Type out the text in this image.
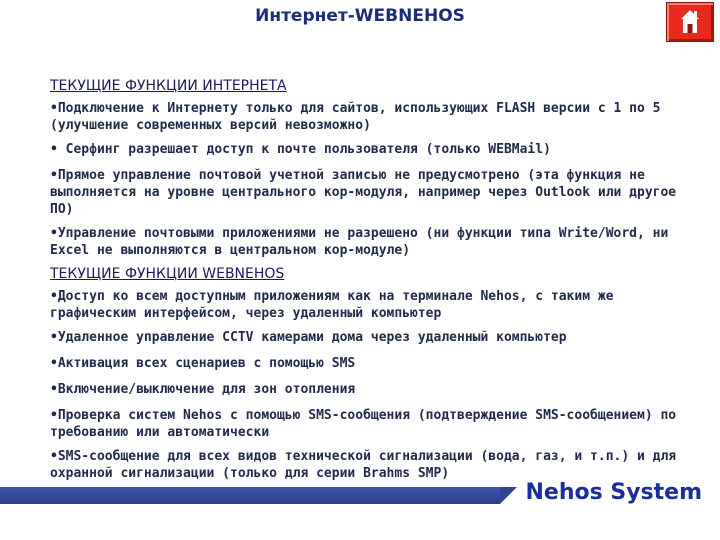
Интернет-WEBNEHOS
ТЕКУЩИЕ ФУНКЦИИ ИНТЕРНЕТА
•Подключение к Интернету только для сайтов, использующих FLASH версии с 1 по 5 (улучшение современных версий невозможно)
• Серфинг разрешает доступ к почте пользователя (только WEBMail)
•Прямое управление почтовой учетной записью не предусмотрено (эта функция не выполняется на уровне центрального кор-модуля, например через Outlook или другое ПО)
•Управление почтовыми приложениями не разрешено (ни функции типа Write/Word, ни Excel не выполняются в центральном кор-модуле)
ТЕКУЩИЕ ФУНКЦИИ WEBNEHOS
•Доступ ко всем доступным приложениям как на терминале Nehos, с таким же графическим интерфейсом, через удаленный компьютер
•Удаленное управление CCTV камерами дома через удаленный компьютер
•Активация всех сценариев с помощью SMS
•Включение/выключение для зон отопления
•Проверка систем Nehos с помощью SMS-сообщения (подтверждение SMS-сообщением) по требованию или автоматически
•SMS-сообщение для всех видов технической сигнализации (вода, газ, и т.п.) и для охранной сигнализации (только для серии Brahms SMP)
Nehos System
